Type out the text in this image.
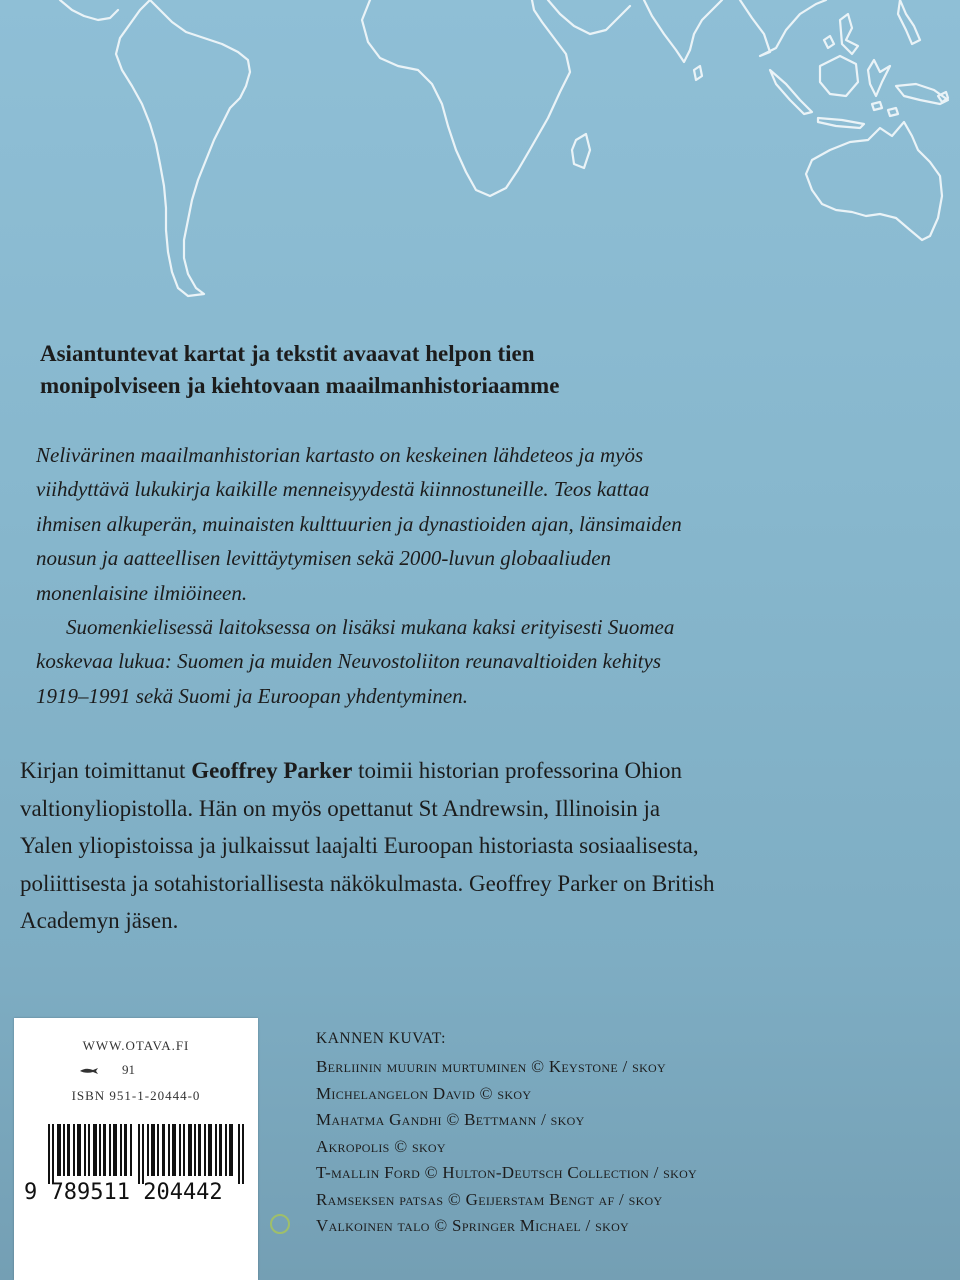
Asiantuntevat kartat ja tekstit avaavat helpon tien
monipolviseen ja kiehtovaan maailmanhistoriaamme

Nelivärinen maailmanhistorian kartasto on keskeinen lähdeteos ja myös
viihdyttävä lukukirja kaikille menneisyydestä kiinnostuneille. Teos kattaa
ihmisen alkuperän, muinaisten kulttuurien ja dynastioiden ajan, länsimaiden
nousun ja aatteellisen levittäytymisen sekä 2000-luvun globaaliuden
monenlaisine ilmiöineen.
Suomenkielisessä laitoksessa on lisäksi mukana kaksi erityisesti Suomea
koskevaa lukua: Suomen ja muiden Neuvostoliiton reunavaltioiden kehitys
1919–1991 sekä Suomi ja Euroopan yhdentyminen.

Kirjan toimittanut Geoffrey Parker toimii historian professorina Ohion
valtionyliopistolla. Hän on myös opettanut St Andrewsin, Illinoisin ja
Yalen yliopistoissa ja julkaissut laajalti Euroopan historiasta sosiaalisesta,
poliittisesta ja sotahistoriallisesta näkökulmasta. Geoffrey Parker on British
Academyn jäsen.

WWW.OTAVA.FI
91
ISBN 951-1-20444-0
9 789511 204442
KANNEN KUVAT:
Berliinin muurin murtuminen © Keystone / skoy
Michelangelon David © skoy
Mahatma Gandhi © Bettmann / skoy
Akropolis © skoy
T-mallin Ford © Hulton-Deutsch Collection / skoy
Ramseksen patsas © Geijerstam Bengt af / skoy
Valkoinen talo © Springer Michael / skoy
